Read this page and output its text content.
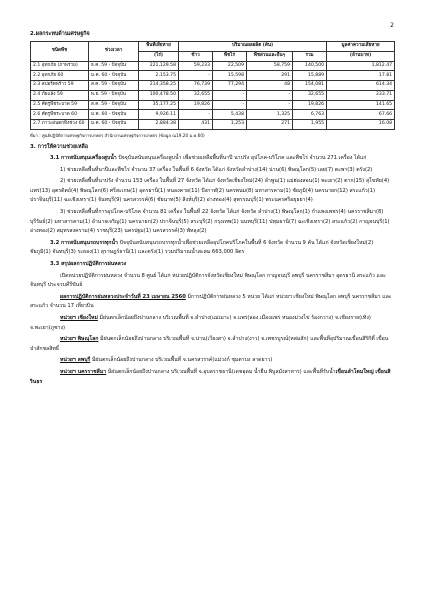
2
2.ผลกระทบด้านเศรษฐกิจ
ชนิดพืช	ช่วงเวลา	พื้นที่เสียหาย	ปริมาณผลผลิต (ตัน)				มูลค่าความเสียหาย
		(ไร่)	ข้าว	พืชไร่	พืชสวนและอื่นๆ	รวม	(ล้านบาท)
2.1 อุทกภัย (ภาพรวม)	ธ.ค. 59 - ปัจจุบัน	221,129.58	59,233	22,509	58,759	140,500	1,812.47
2.2 อุทกภัย 60	ม.ค. 60 - ปัจจุบัน	2,153.75	-	15,598	291	15,889	17.81
2.3 สปอร์ตพร้าว 59	ส.ค. 59 - ปัจจุบัน	214,358.25	76,739	77,294	48	154,081	614.34
2.4 ภัยแล้ง 59	พ.ย. 59 - ปัจจุบัน	100,478.50	32,655	-	-	32,655	233.71
2.5 ศัตรูพืชระบาด 59	ส.ค. 59 - ปัจจุบัน	35,177.25	19,826	-	-	19,826	141.65
2.6 ศัตรูพืชระบาด 60	ม.ค. 60 - ปัจจุบัน	9,926.11	-	5,438	1,325	6,763	67.66
2.7 ภาวะฝนตกทิ้งช่วง 60	ม.ค. 60 - ปัจจุบัน	2,884.38	431	1,253	271	1,955	16.08
ที่มา : ศูนย์ปฏิบัติการเศรษฐกิจการเกษตร สำนักงานเศรษฐกิจการเกษตร (ข้อมูล ณ19.20 ม.ค.60)
3. การให้ความช่วยเหลือ

3.1 การสนับสนุนเครื่องสูบน้ำ ปัจจุบันสนับสนุนเครื่องสูบน้ำ เพื่อช่วยเหลือพื้นที่นาปี นาปรัง อุปโภค-บริโภค และพืชไร่ จำนวน 271 เครื่อง ได้แก่

1) ช่วยเหลือพื้นที่นาปีและพืชไร่ จำนวน 37 เครื่อง ในพื้นที่ 6 จังหวัด ได้แก่ จังหวัดลำปาง(14) น่าน(6) พิษณุโลก(5) เลย(7) ตะพา(3) ตรัง(2)

2) ช่วยเหลือพื้นที่นาปรัง จำนวน 153 เครื่อง ในพื้นที่ 27 จังหวัด ได้แก่ จังหวัดเชียงใหม่(24) ลำพูน(1) แม่ฮ่องสอน(1) พะเยา(2) ตาก(15) สุโขทัย(4) แพร่(13) อุตรดิตถ์(4) พิษณุโลก(6) ศรีสะเกษ(1) อุดรธานี(1) หนองคาย(11) บึงกาฬ(2) นครพนม(8) มหาสารคาม(1) ชัยภูมิ(4) นครนายก(12) สระแก้ว(1) ปราจีนบุรี(11) ฉะเชิงเทรา(1) จันทบุรี(9) นครสวรรค์(6) ชัยนาท(5) สิงห์บุรี(2) อ่างทอง(4) สุพรรณบุรี(1) พระนครศรีอยุธยา(4)

3) ช่วยเหลือพื้นที่การอุปโภค-บริโภค จำนวน 81 เครื่อง ในพื้นที่ 22 จังหวัด ได้แก่ จังหวัด ลำปาง(1) พิษณุโลก(1) กำแพงเพชร(4) นครราชสีมา(8) บุรีรัมย์(2) มหาสารคาม(1) อำนาจเจริญ(1) นครนายก(2) ปราจีนบุรี(5) สระบุรี(2) กรุงเทพ(1) นนทบุรี(11) ปทุมธานี(7) ฉะเชิงเทรา(2) สระแก้ว(2) กาญจนบุรี(1) อ่างทอง(2) สมุทรสงคราม(4) ราชบุรี(23) นครปฐม(1) นครสวรรค์(3) พัทลุง(2)

3.2 การสนับสนุนรถบรรทุกน้ำ ปัจจุบันสนับสนุนรถบรรทุกน้ำเพื่อช่วยเหลืออุปโภคบริโภคในพื้นที่ 6 จังหวัด จำนวน 9 คัน ได้แก่ จังหวัดเชียงใหม่(2) ชัยภูมิ(1) จันทบุรี(3) ระยอง(1) สุราษฎร์ธานี(1) และตรัง(1) รวมปริมาณน้ำสะสม 663,000 ลิตร

3.3 สรุปผลการปฏิบัติการฝนหลวง

เปิดหน่วยปฏิบัติการฝนหลวง จำนวน 8 ศูนย์ ได้แก่ หน่วยปฏิบัติการจังหวัดเชียงใหม่ พิษณุโลก กาญจนบุรี ลพบุรี นครราชสีมา อุดรธานี สระแก้ว และจันทบุรี ประจวบคีรีขันธ์

ผลการปฏิบัติการฝนหลวงประจำวันที่ 23 เมษายน 2560 มีการปฏิบัติการฝนหลวง 5 หน่วย ได้แก่ หน่วยฯ เชียงใหม่ พิษณุโลก ลพบุรี นครราชสีมา และสระแก้ว จำนวน 17 เที่ยวบิน

หน่วยฯ เชียงใหม่ มีฝนตกเล็กน้อยถึงปานกลาง บริเวณพื้นที่ จ.ลำปาง(แม่เมาะ) จ.แพร่(ลอง เมืองแพร่ หนองม่วงไข่ ร้องกวาง) จ.เชียงราย(เทิง) จ.พะเยา(ภูซาง)

หน่วยฯ พิษณุโลก มีฝนตกเล็กน้อยถึงปานกลาง บริเวณพื้นที่ จ.น่าน(เวียงสา) จ.ลำปาง(งาว) จ.เพชรบูรณ์(หล่มสัก) และพื้นที่อุปริมาณเขื่อนสิริกิติ์ เขื่อนป่าสักชลสิทธิ์

หน่วยฯ ลพบุรี มีฝนตกเล็กน้อยถึงปานกลาง บริเวณพื้นที่ จ.นครสวรรค์(แม่วงก์ ชุมตาบง ลาดยาว)

หน่วยฯ นครราชสีมา มีฝนตกเล็กน้อยถึงปานกลาง บริเวณพื้นที่ จ.อุบลราชธานี(เดชอุดม น้ำยืน พิบูลมังสาหาร) และพื้นที่รับน้ำเขื่อนลำโดมใหญ่ เขื่อนสิรินธร
